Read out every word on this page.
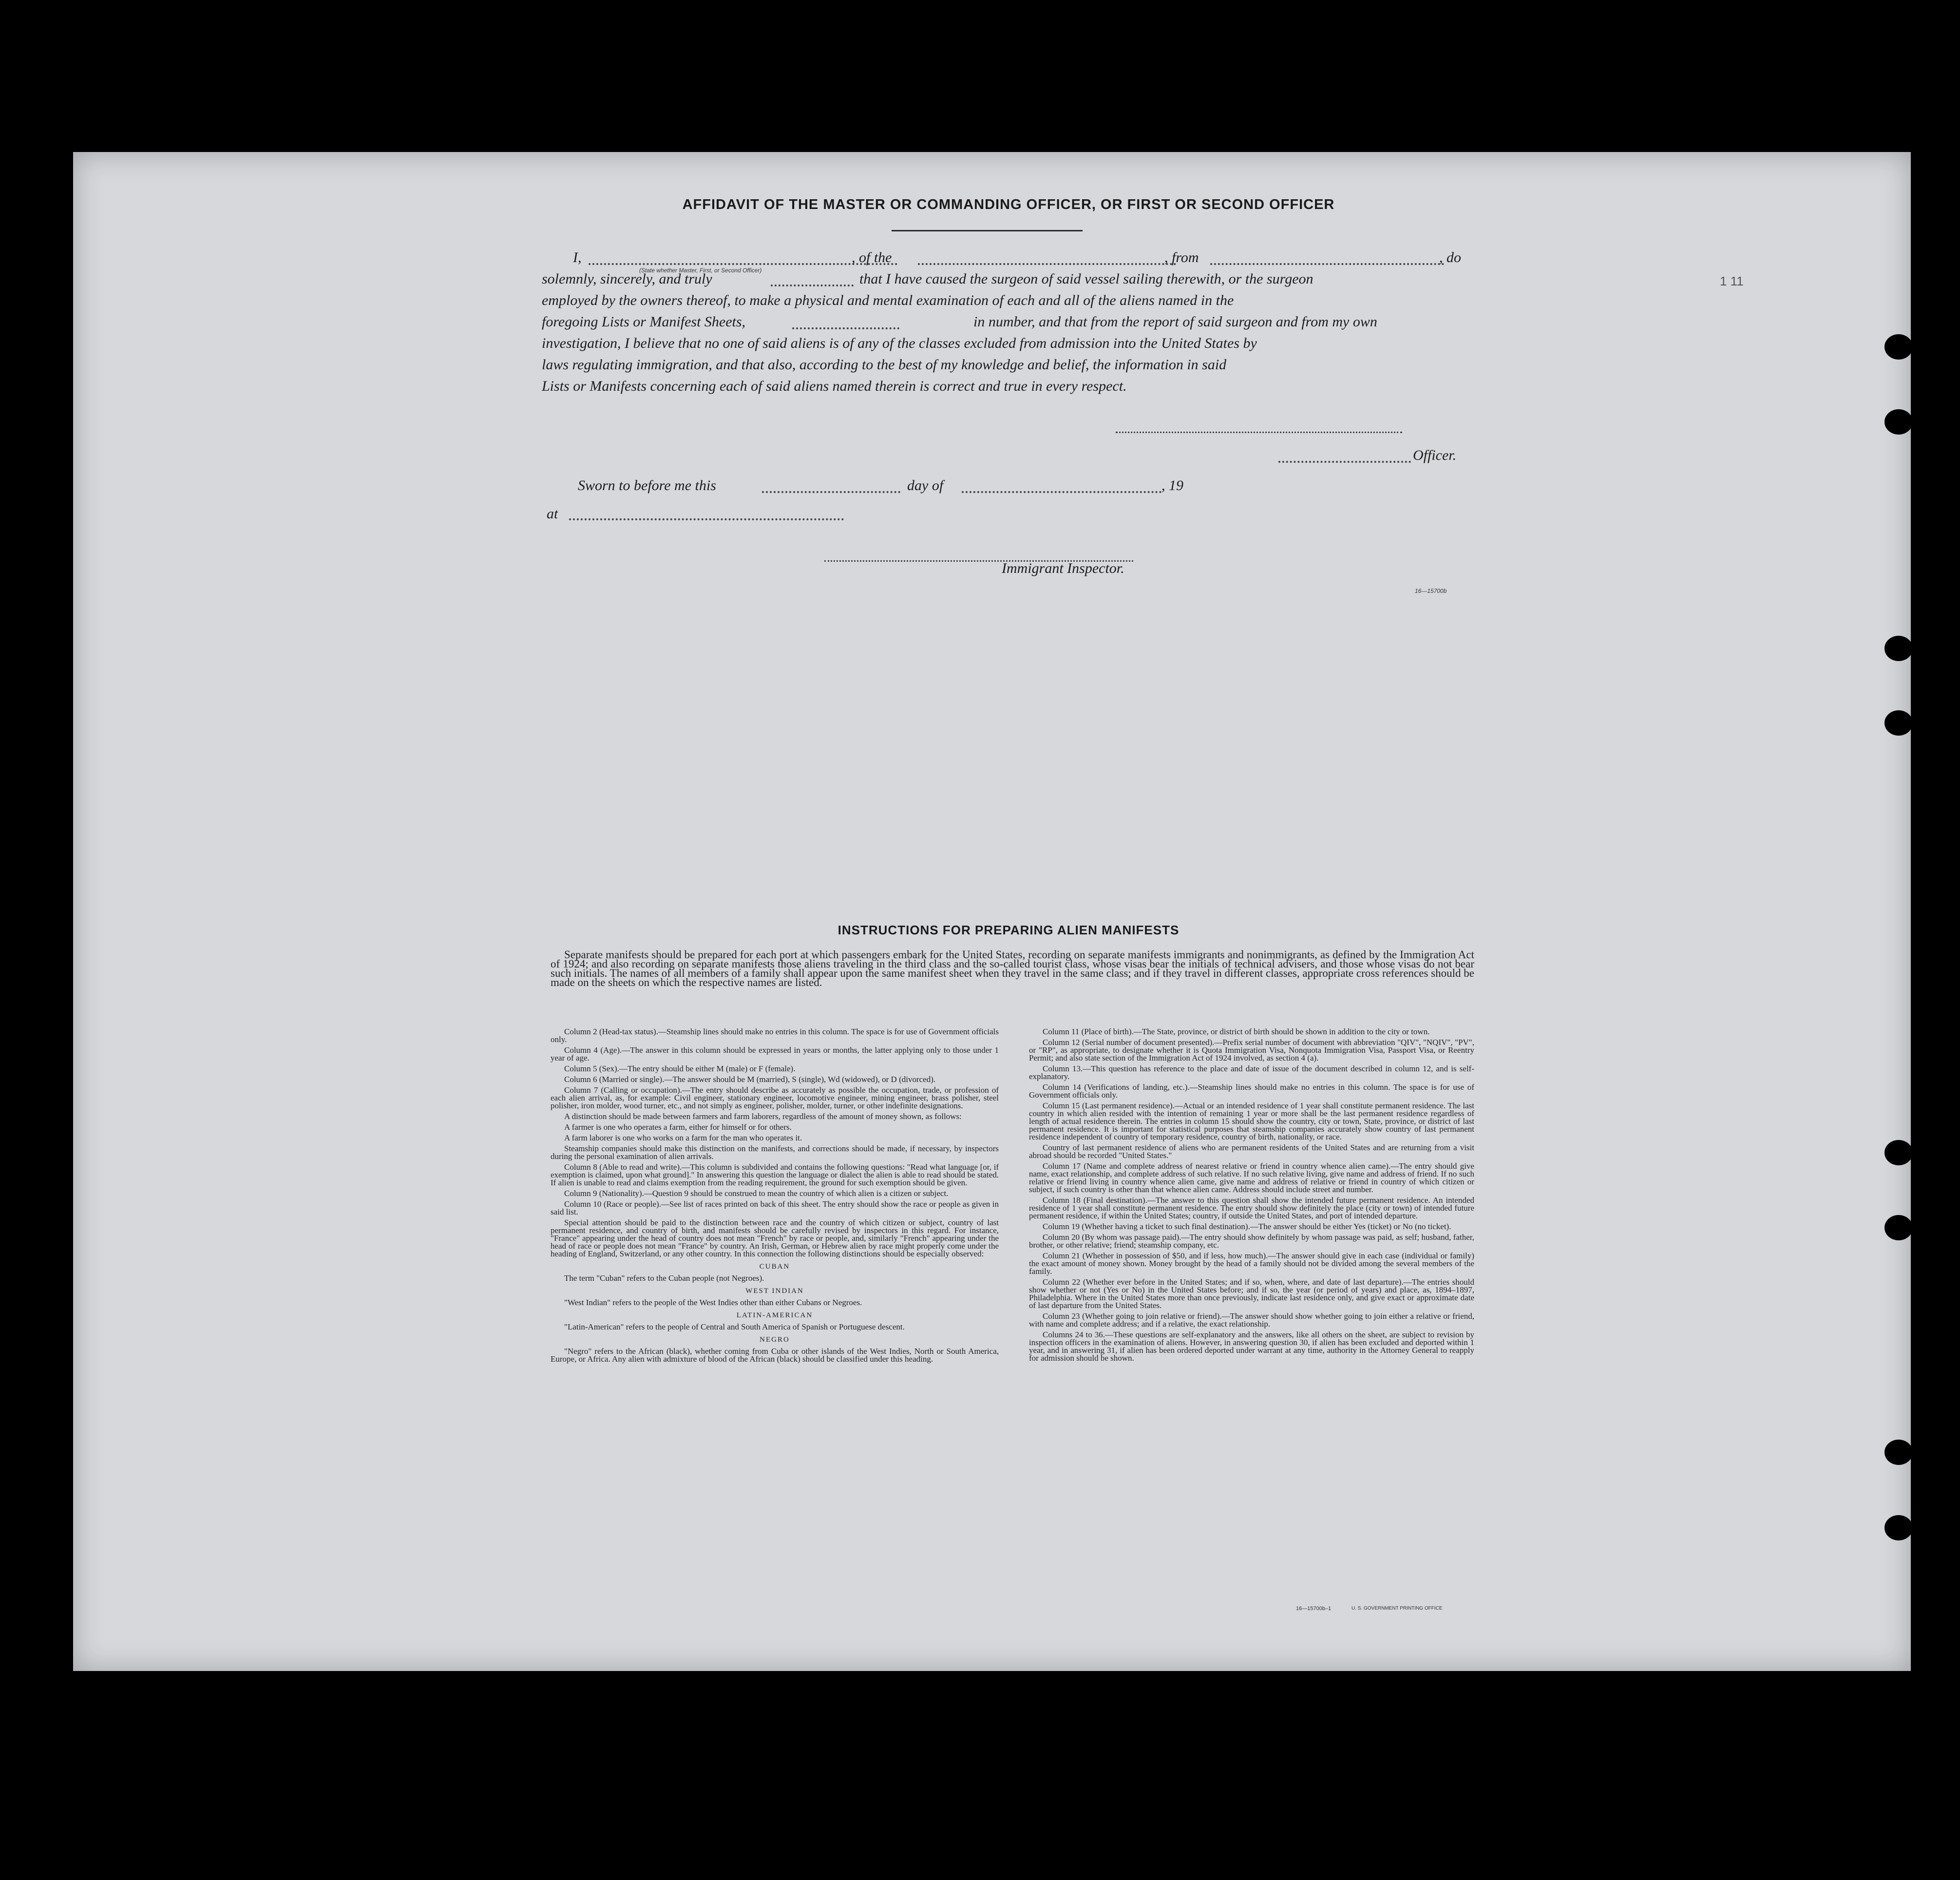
1 11
AFFIDAVIT OF THE MASTER OR COMMANDING OFFICER, OR FIRST OR SECOND OFFICER
I,
(State whether Master, First, or Second Officer)
, of the	, from	, do
solemnly, sincerely, and truly	that I have caused the surgeon of said vessel sailing therewith, or the surgeon
employed by the owners thereof, to make a physical and mental examination of each and all of the aliens named in the
foregoing Lists or Manifest Sheets,	in number, and that from the report of said surgeon and from my own
investigation, I believe that no one of said aliens is of any of the classes excluded from admission into the United States by
laws regulating immigration, and that also, according to the best of my knowledge and belief, the information in said
Lists or Manifests concerning each of said aliens named therein is correct and true in every respect.
Officer.
Sworn to before me this	day of	, 19
at
Immigrant Inspector.
16—15700b
INSTRUCTIONS FOR PREPARING ALIEN MANIFESTS
Separate manifests should be prepared for each port at which passengers embark for the United States, recording on separate manifests immigrants and nonimmigrants, as defined by the Immigration Act of 1924; and also recording on separate manifests those aliens traveling in the third class and the so-called tourist class, whose visas bear the initials of technical advisers, and those whose visas do not bear such initials. The names of all members of a family shall appear upon the same manifest sheet when they travel in the same class; and if they travel in different classes, appropriate cross references should be made on the sheets on which the respective names are listed.
Column 2 (Head-tax status).—Steamship lines should make no entries in this column. The space is for use of Government officials only.
Column 4 (Age).—The answer in this column should be expressed in years or months, the latter applying only to those under 1 year of age.
Column 5 (Sex).—The entry should be either M (male) or F (female).
Column 6 (Married or single).—The answer should be M (married), S (single), Wd (widowed), or D (divorced).
Column 7 (Calling or occupation).—The entry should describe as accurately as possible the occupation, trade, or profession of each alien arrival, as, for example: Civil engineer, stationary engineer, locomotive engineer, mining engineer, brass polisher, steel polisher, iron molder, wood turner, etc., and not simply as engineer, polisher, molder, turner, or other indefinite designations.
A distinction should be made between farmers and farm laborers, regardless of the amount of money shown, as follows:
A farmer is one who operates a farm, either for himself or for others.
A farm laborer is one who works on a farm for the man who operates it.
Steamship companies should make this distinction on the manifests, and corrections should be made, if necessary, by inspectors during the personal examination of alien arrivals.
Column 8 (Able to read and write).—This column is subdivided and contains the following questions: "Read what language [or, if exemption is claimed, upon what ground]." In answering this question the language or dialect the alien is able to read should be stated. If alien is unable to read and claims exemption from the reading requirement, the ground for such exemption should be given.
Column 9 (Nationality).—Question 9 should be construed to mean the country of which alien is a citizen or subject.
Column 10 (Race or people).—See list of races printed on back of this sheet. The entry should show the race or people as given in said list.
Special attention should be paid to the distinction between race and the country of which citizen or subject, country of last permanent residence, and country of birth, and manifests should be carefully revised by inspectors in this regard. For instance, "France" appearing under the head of country does not mean "French" by race or people, and, similarly "French" appearing under the head of race or people does not mean "France" by country. An Irish, German, or Hebrew alien by race might properly come under the heading of England, Switzerland, or any other country. In this connection the following distinctions should be especially observed:
CUBAN
The term "Cuban" refers to the Cuban people (not Negroes).
WEST INDIAN
"West Indian" refers to the people of the West Indies other than either Cubans or Negroes.
LATIN-AMERICAN
"Latin-American" refers to the people of Central and South America of Spanish or Portuguese descent.
NEGRO
"Negro" refers to the African (black), whether coming from Cuba or other islands of the West Indies, North or South America, Europe, or Africa. Any alien with admixture of blood of the African (black) should be classified under this heading.
Column 11 (Place of birth).—The State, province, or district of birth should be shown in addition to the city or town.
Column 12 (Serial number of document presented).—Prefix serial number of document with abbreviation "QIV", "NQIV", "PV", or "RP", as appropriate, to designate whether it is Quota Immigration Visa, Nonquota Immigration Visa, Passport Visa, or Reentry Permit; and also state section of the Immigration Act of 1924 involved, as section 4 (a).
Column 13.—This question has reference to the place and date of issue of the document described in column 12, and is self-explanatory.
Column 14 (Verifications of landing, etc.).—Steamship lines should make no entries in this column. The space is for use of Government officials only.
Column 15 (Last permanent residence).—Actual or an intended residence of 1 year shall constitute permanent residence. The last country in which alien resided with the intention of remaining 1 year or more shall be the last permanent residence regardless of length of actual residence therein. The entries in column 15 should show the country, city or town, State, province, or district of last permanent residence. It is important for statistical purposes that steamship companies accurately show country of last permanent residence independent of country of temporary residence, country of birth, nationality, or race.
Country of last permanent residence of aliens who are permanent residents of the United States and are returning from a visit abroad should be recorded "United States."
Column 17 (Name and complete address of nearest relative or friend in country whence alien came).—The entry should give name, exact relationship, and complete address of such relative. If no such relative living, give name and address of friend. If no such relative or friend living in country whence alien came, give name and address of relative or friend in country of which citizen or subject, if such country is other than that whence alien came. Address should include street and number.
Column 18 (Final destination).—The answer to this question shall show the intended future permanent residence. An intended residence of 1 year shall constitute permanent residence. The entry should show definitely the place (city or town) of intended future permanent residence, if within the United States; country, if outside the United States, and port of intended departure.
Column 19 (Whether having a ticket to such final destination).—The answer should be either Yes (ticket) or No (no ticket).
Column 20 (By whom was passage paid).—The entry should show definitely by whom passage was paid, as self; husband, father, brother, or other relative; friend; steamship company, etc.
Column 21 (Whether in possession of $50, and if less, how much).—The answer should give in each case (individual or family) the exact amount of money shown. Money brought by the head of a family should not be divided among the several members of the family.
Column 22 (Whether ever before in the United States; and if so, when, where, and date of last departure).—The entries should show whether or not (Yes or No) in the United States before; and if so, the year (or period of years) and place, as, 1894–1897, Philadelphia. Where in the United States more than once previously, indicate last residence only, and give exact or approximate date of last departure from the United States.
Column 23 (Whether going to join relative or friend).—The answer should show whether going to join either a relative or friend, with name and complete address; and if a relative, the exact relationship.
Columns 24 to 36.—These questions are self-explanatory and the answers, like all others on the sheet, are subject to revision by inspection officers in the examination of aliens. However, in answering question 30, if alien has been excluded and deported within 1 year, and in answering 31, if alien has been ordered deported under warrant at any time, authority in the Attorney General to reapply for admission should be shown.
16—15700b–1	U. S. GOVERNMENT PRINTING OFFICE
